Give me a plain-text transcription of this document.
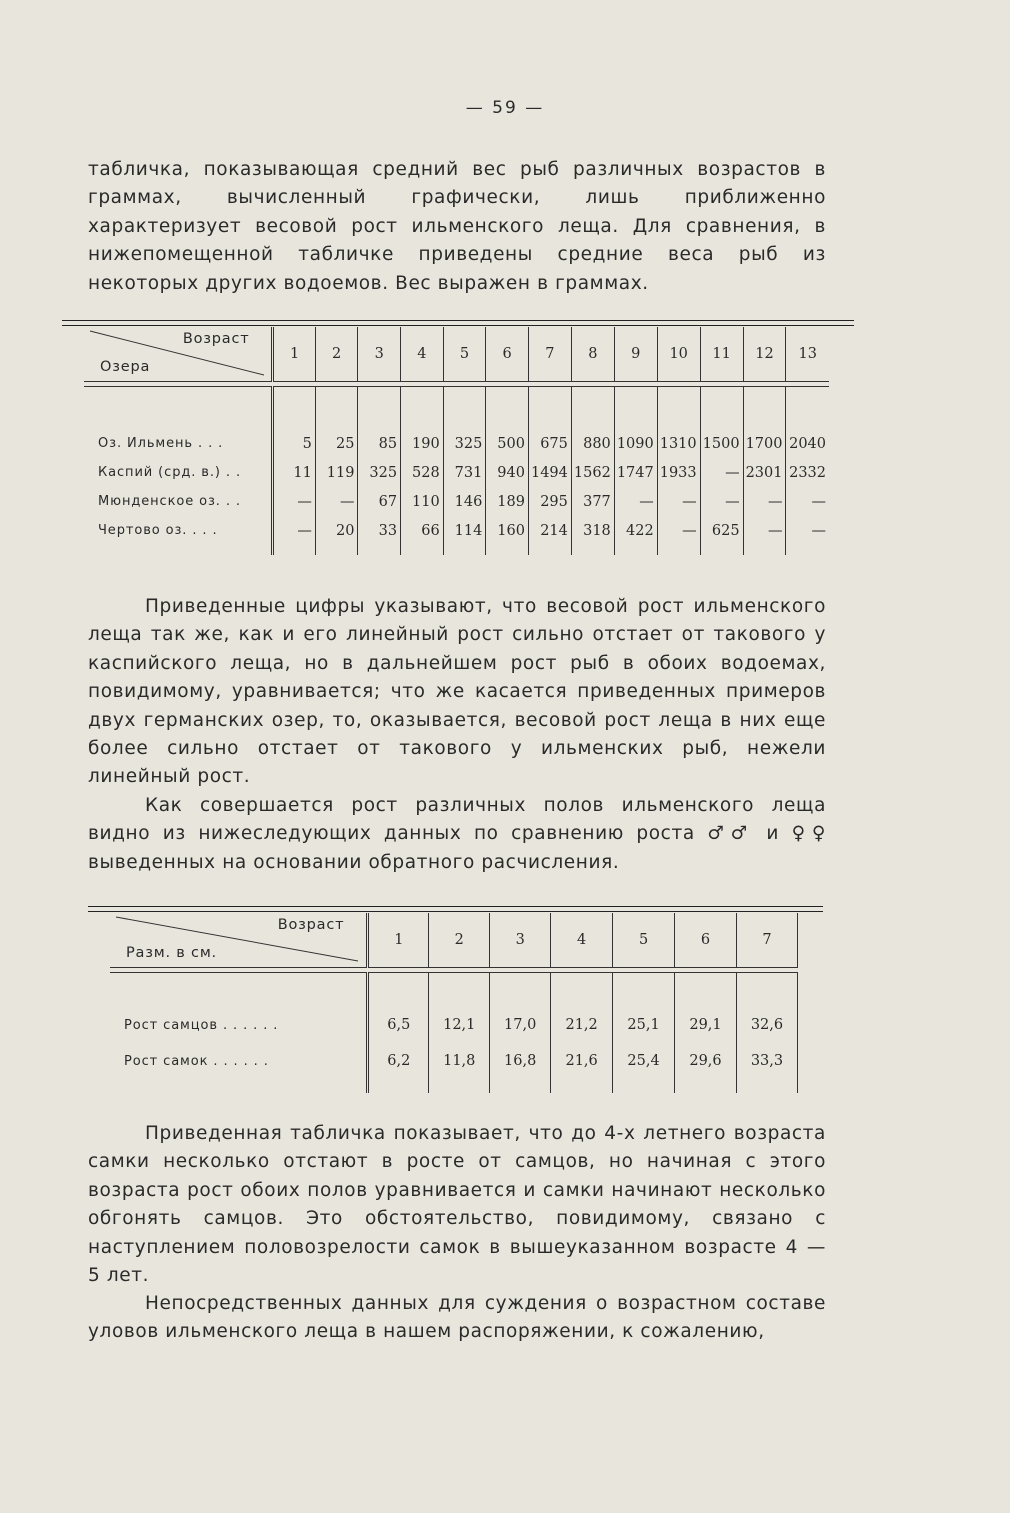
— 59 —

табличка, показывающая средний вес рыб различных возрастов в граммах, вычисленный графически, лишь приближенно характеризует весовой рост ильменского леща. Для сравнения, в нижепомещенной табличке приведены средние веса рыб из некоторых других водоемов. Вес выражен в граммах.

Возраст
Озера	1	2	3	4	5	6	7	8	9	10	11	12	13

Оз. Ильмень . . .	5	25	85	190	325	500	675	880	1090	1310	1500	1700	2040
Каспий (срд. в.) . .	11	119	325	528	731	940	1494	1562	1747	1933	—	2301	2332
Мюнденское оз. . .	—	—	67	110	146	189	295	377	—	—	—	—	—
Чертово оз. . . .	—	20	33	66	114	160	214	318	422	—	625	—	—

Приведенные цифры указывают, что весовой рост ильменского леща так же, как и его линейный рост сильно отстает от такового у каспийского леща, но в дальнейшем рост рыб в обоих водоемах, повидимому, уравнивается; что же касается приведенных примеров двух германских озер, то, оказывается, весовой рост леща в них еще более сильно отстает от такового у ильменских рыб, нежели линейный рост.

Как совершается рост различных полов ильменского леща видно из нижеследующих данных по сравнению роста ♂♂ и ♀♀ выведенных на основании обратного расчисления.

Возраст
Разм. в см.	1	2	3	4	5	6	7

Рост самцов . . . . . .	6,5	12,1	17,0	21,2	25,1	29,1	32,6
Рост самок . . . . . .	6,2	11,8	16,8	21,6	25,4	29,6	33,3

Приведенная табличка показывает, что до 4-х летнего возраста самки несколько отстают в росте от самцов, но начиная с этого возраста рост обоих полов уравнивается и самки начинают несколько обгонять самцов. Это обстоятельство, повидимому, связано с наступлением половозрелости самок в вышеуказанном возрасте 4 — 5 лет.

Непосредственных данных для суждения о возрастном составе уловов ильменского леща в нашем распоряжении, к сожалению,
